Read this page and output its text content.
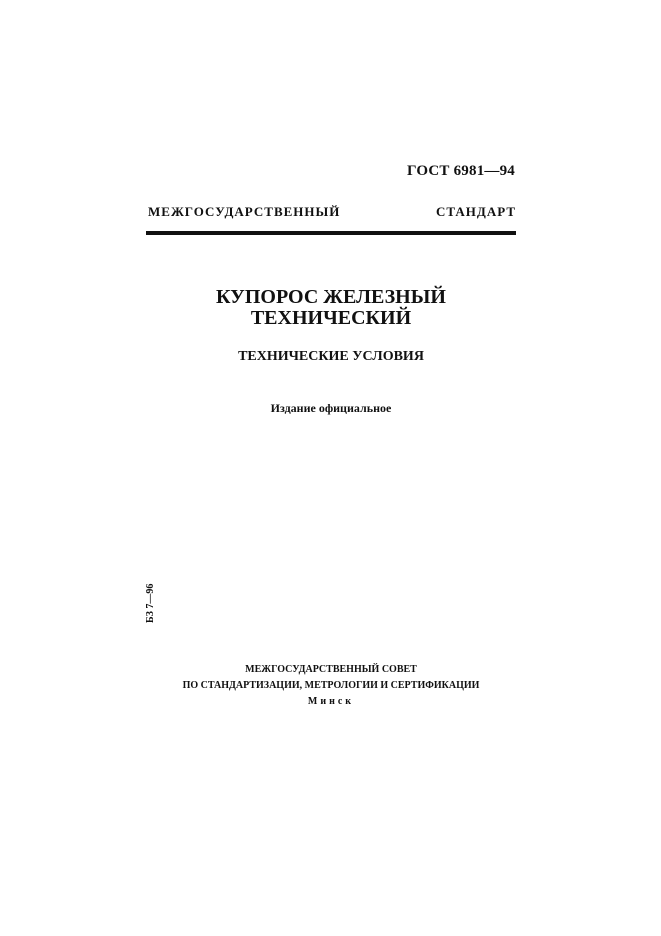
ГОСТ 6981—94
МЕЖГОСУДАРСТВЕННЫЙ СТАНДАРТ
КУПОРОС ЖЕЛЕЗНЫЙ
ТЕХНИЧЕСКИЙ
ТЕХНИЧЕСКИЕ УСЛОВИЯ
Издание официальное
БЗ 7—96
МЕЖГОСУДАРСТВЕННЫЙ СОВЕТ
ПО СТАНДАРТИЗАЦИИ, МЕТРОЛОГИИ И СЕРТИФИКАЦИИ
Минск
